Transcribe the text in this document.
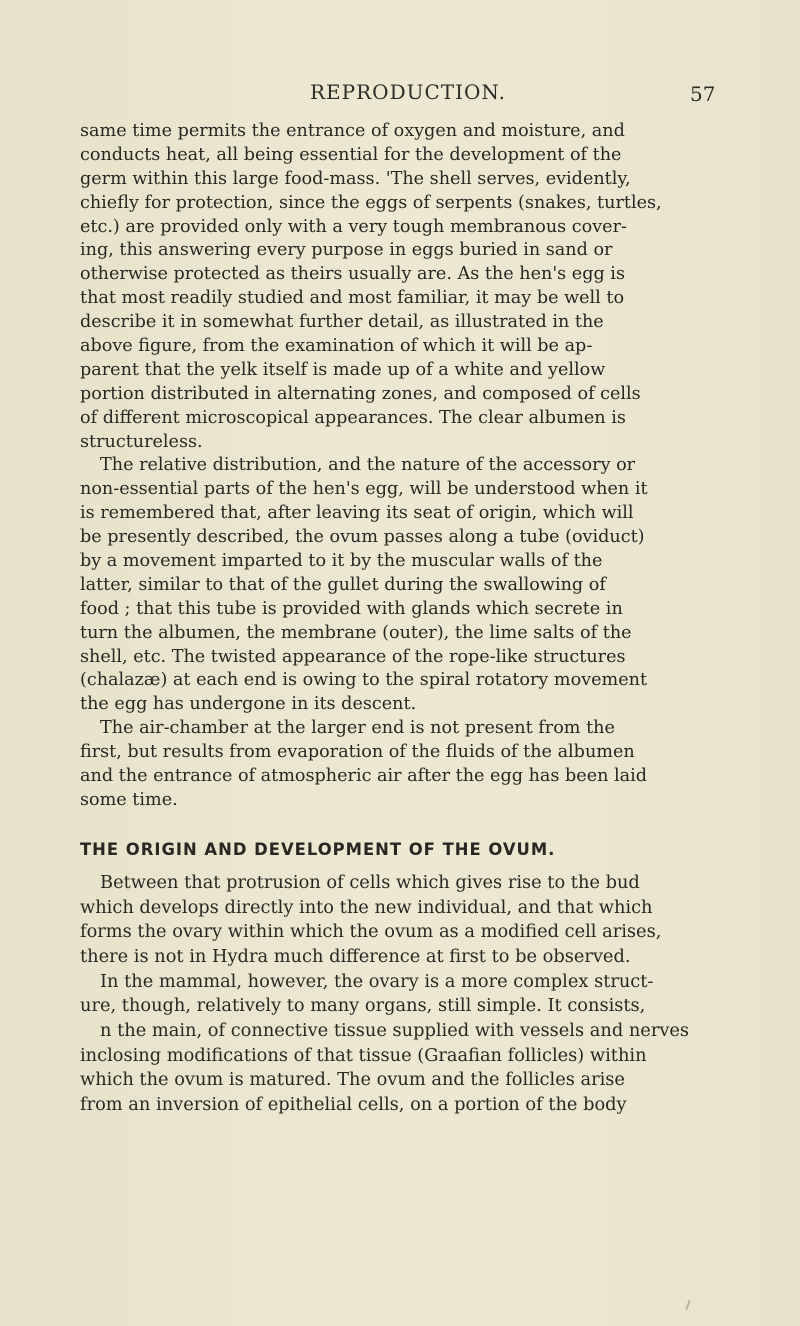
REPRODUCTION.	57
same time permits the entrance of oxygen and moisture, and
conducts heat, all being essential for the development of the
germ within this large food-mass. 'The shell serves, evidently,
chiefly for protection, since the eggs of serpents (snakes, turtles,
etc.) are provided only with a very tough membranous cover-
ing, this answering every purpose in eggs buried in sand or
otherwise protected as theirs usually are. As the hen's egg is
that most readily studied and most familiar, it may be well to
describe it in somewhat further detail, as illustrated in the
above figure, from the examination of which it will be ap-
parent that the yelk itself is made up of a white and yellow
portion distributed in alternating zones, and composed of cells
of different microscopical appearances. The clear albumen is
structureless.
The relative distribution, and the nature of the accessory or
non-essential parts of the hen's egg, will be understood when it
is remembered that, after leaving its seat of origin, which will
be presently described, the ovum passes along a tube (oviduct)
by a movement imparted to it by the muscular walls of the
latter, similar to that of the gullet during the swallowing of
food ; that this tube is provided with glands which secrete in
turn the albumen, the membrane (outer), the lime salts of the
shell, etc. The twisted appearance of the rope-like structures
(chalazæ) at each end is owing to the spiral rotatory movement
the egg has undergone in its descent.
The air-chamber at the larger end is not present from the
first, but results from evaporation of the fluids of the albumen
and the entrance of atmospheric air after the egg has been laid
some time.
THE ORIGIN AND DEVELOPMENT OF THE OVUM.
Between that protrusion of cells which gives rise to the bud
which develops directly into the new individual, and that which
forms the ovary within which the ovum as a modified cell arises,
there is not in Hydra much difference at first to be observed.
In the mammal, however, the ovary is a more complex struct-
ure, though, relatively to many organs, still simple. It consists,
n the main, of connective tissue supplied with vessels and nerves
inclosing modifications of that tissue (Graafian follicles) within
which the ovum is matured. The ovum and the follicles arise
from an inversion of epithelial cells, on a portion of the body
